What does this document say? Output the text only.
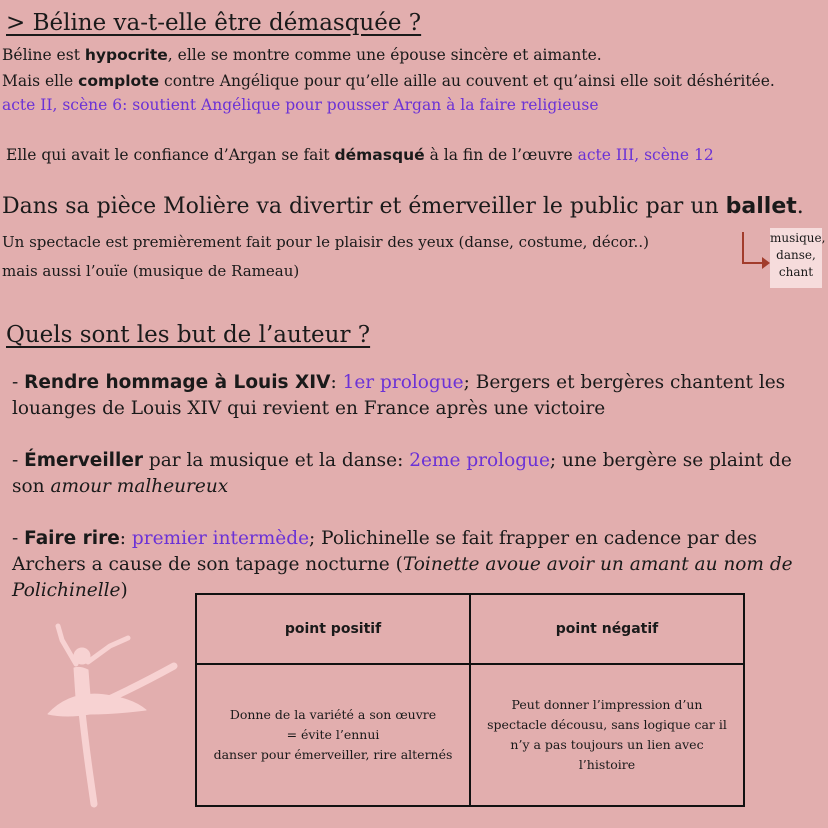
> Béline va-t-elle être démasquée ?
Béline est hypocrite, elle se montre comme une épouse sincère et aimante.
Mais elle complote contre Angélique pour qu’elle aille au couvent et qu’ainsi elle soit déshéritée.
acte II, scène 6: soutient Angélique pour pousser Argan à la faire religieuse
Elle qui avait le confiance d’Argan se fait démasqué à la fin de l’œuvre acte III, scène 12
Dans sa pièce Molière va divertir et émerveiller le public par un ballet.
Un spectacle est premièrement fait pour le plaisir des yeux (danse, costume, décor..)
mais aussi l’ouïe (musique de Rameau)
musique,
danse,
chant
Quels sont les but de l’auteur ?
- Rendre hommage à Louis XIV: 1er prologue; Bergers et bergères chantent les louanges de Louis XIV qui revient en France après une victoire
- Émerveiller par la musique et la danse: 2eme prologue; une bergère se plaint de son amour malheureux
- Faire rire: premier intermède; Polichinelle se fait frapper en cadence par des Archers a cause de son tapage nocturne (Toinette avoue avoir un amant au nom de Polichinelle)
point positif	point négatif

Donne de la variété a son œuvre
= évite l’ennui
danser pour émerveiller, rire alternés	Peut donner l’impression d’un spectacle décousu, sans logique car il n’y a pas toujours un lien avec l’histoire
